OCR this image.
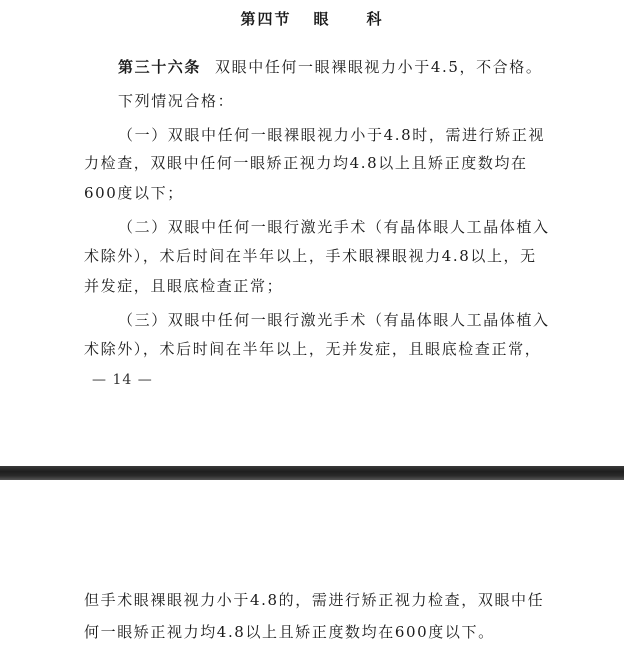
第四节 眼 科
第三十六条 双眼中任何一眼裸眼视力小于4.5，不合格。
下列情况合格：
（一）双眼中任何一眼裸眼视力小于4.8时，需进行矫正视
力检查，双眼中任何一眼矫正视力均4.8以上且矫正度数均在
600度以下；
（二）双眼中任何一眼行激光手术（有晶体眼人工晶体植入
术除外），术后时间在半年以上，手术眼裸眼视力4.8以上，无
并发症，且眼底检查正常；
（三）双眼中任何一眼行激光手术（有晶体眼人工晶体植入
术除外），术后时间在半年以上，无并发症，且眼底检查正常，
— 14 —
但手术眼裸眼视力小于4.8的，需进行矫正视力检查，双眼中任
何一眼矫正视力均4.8以上且矫正度数均在600度以下。
